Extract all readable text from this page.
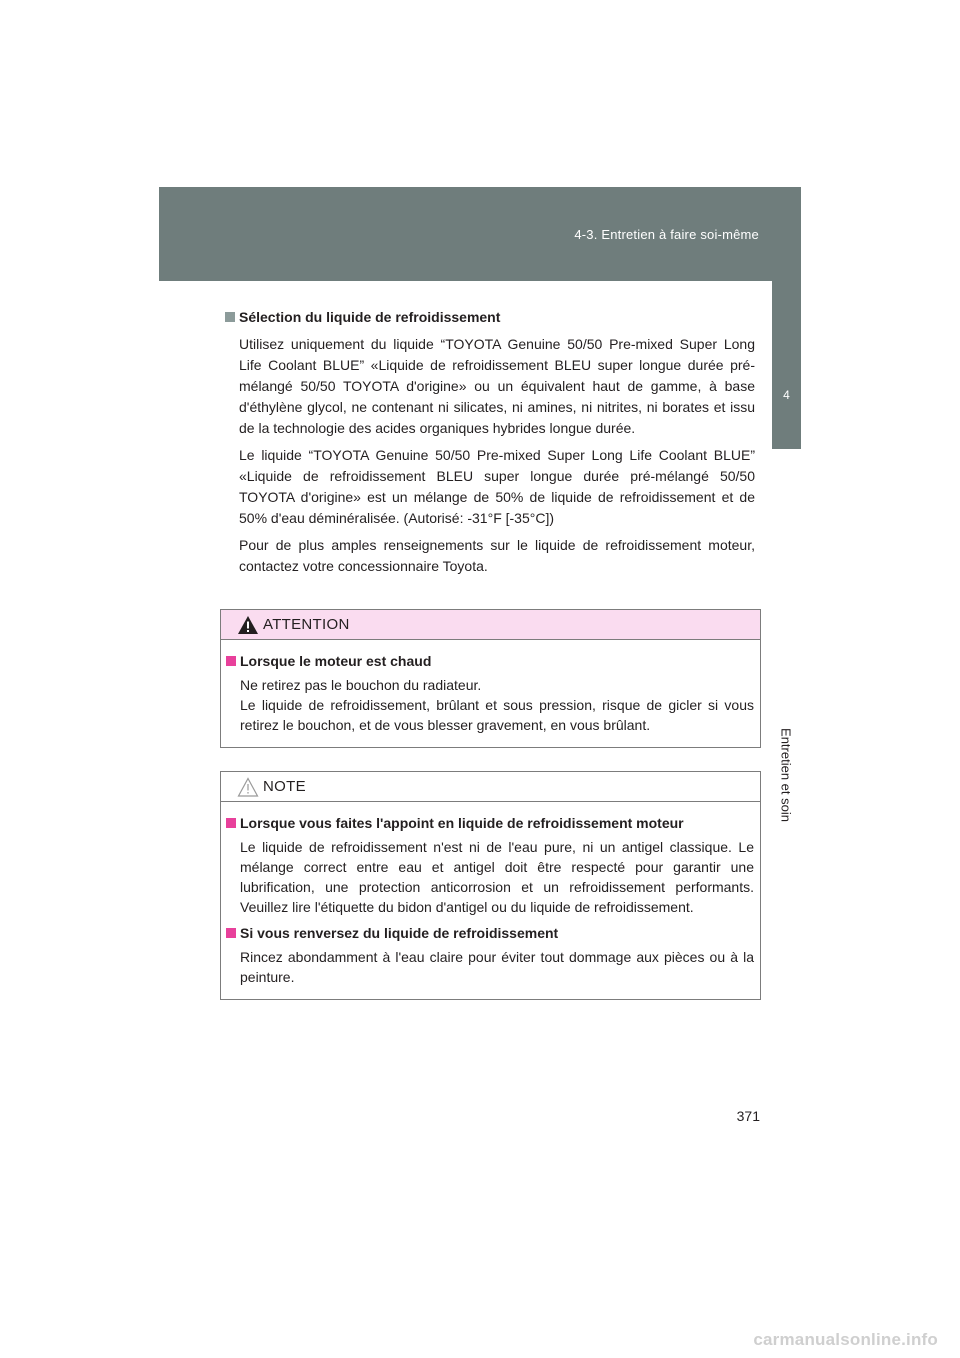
4-3. Entretien à faire soi-même
4
Entretien et soin
Sélection du liquide de refroidissement

Utilisez uniquement du liquide “TOYOTA Genuine 50/50 Pre-mixed Super Long Life Coolant BLUE” «Liquide de refroidissement BLEU super longue durée pré-mélangé 50/50 TOYOTA d'origine» ou un équivalent haut de gamme, à base d'éthylène glycol, ne contenant ni silicates, ni amines, ni nitrites, ni borates et issu de la technologie des acides organiques hybrides longue durée.

Le liquide “TOYOTA Genuine 50/50 Pre-mixed Super Long Life Coolant BLUE” «Liquide de refroidissement BLEU super longue durée pré-mélangé 50/50 TOYOTA d'origine» est un mélange de 50% de liquide de refroidissement et de 50% d'eau déminéralisée. (Autorisé: -31°F [-35°C])

Pour de plus amples renseignements sur le liquide de refroidissement moteur, contactez votre concessionnaire Toyota.

ATTENTION
Lorsque le moteur est chaud

Ne retirez pas le bouchon du radiateur.

Le liquide de refroidissement, brûlant et sous pression, risque de gicler si vous retirez le bouchon, et de vous blesser gravement, en vous brûlant.

NOTE
Lorsque vous faites l'appoint en liquide de refroidissement moteur

Le liquide de refroidissement n'est ni de l'eau pure, ni un antigel classique. Le mélange correct entre eau et antigel doit être respecté pour garantir une lubrification, une protection anticorrosion et un refroidissement performants. Veuillez lire l'étiquette du bidon d'antigel ou du liquide de refroidissement.

Si vous renversez du liquide de refroidissement

Rincez abondamment à l'eau claire pour éviter tout dommage aux pièces ou à la peinture.

371
carmanualsonline.info
